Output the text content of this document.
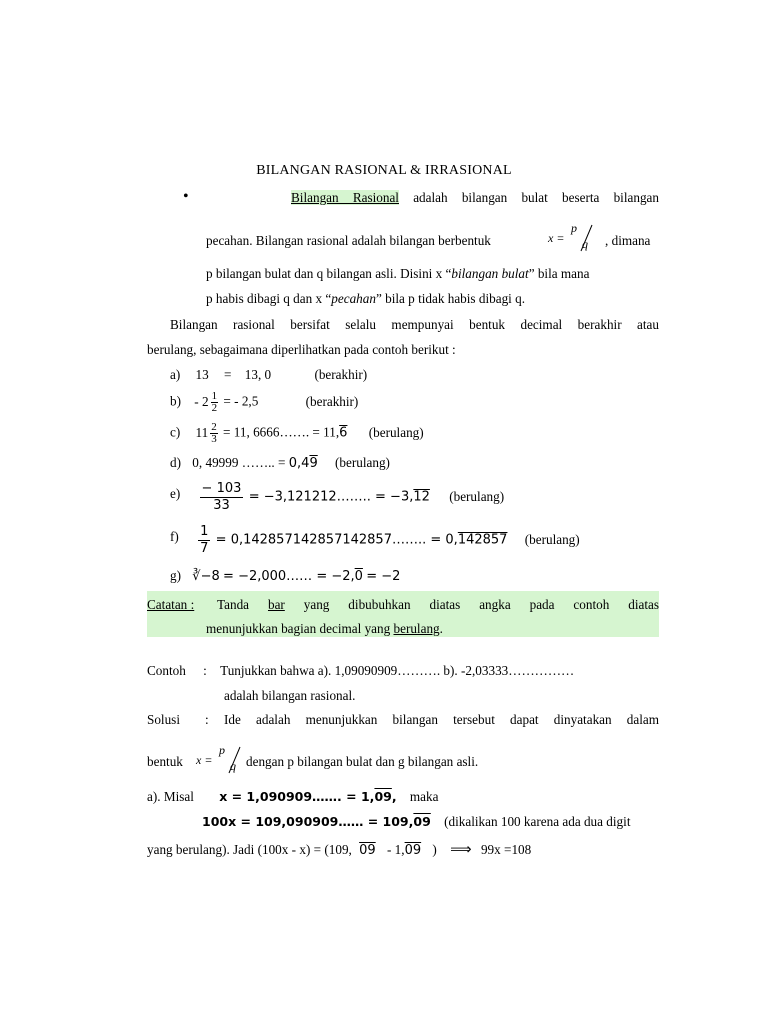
BILANGAN RASIONAL & IRRASIONAL
•	Bilangan Rasional adalah bilangan bulat beserta bilangan
pecahan. Bilangan rasional adalah bilangan berbentuk	x =
p
q , dimana
p bilangan bulat dan q bilangan asli. Disini x “bilangan bulat” bila mana
p habis dibagi q dan x “pecahan” bila p tidak habis dibagi q.
Bilangan rasional bersifat selalu mempunyai bentuk decimal berakhir atau
berulang, sebagaimana diperlihatkan pada contoh berikut :
a) 13 = 13, 0	(berakhir)
$b) - 2 \frac{1}{2}$ = - 2,5	(berakhir)
c) $11 \frac{2}{3} = 11$, 6666……. = 11,6 (berulang)
d) 0, 49999 …….. = 0,49 (berulang)
$e) \frac{- 103}{33}$ = −3,121212…….. = −3,12 (berulang)
$f) \frac{1}{7}$ = 0,142857142857142857…….. = 0,142857 (berulang)
g) ∛−8 = −2,000…… = −2,0 = −2
Catatan : Tanda bar yang dibubuhkan diatas angka pada contoh diatas
menunjukkan bagian decimal yang berulang.
Contoh : Tunjukkan bahwa a). 1,09090909………. b). -2,03333……………
adalah bilangan rasional.
Solusi : Ide adalah menunjukkan bilangan tersebut dapat dinyatakan dalam
bentuk x =
p
q dengan p bilangan bulat dan g bilangan asli.
a). Misal x = 1,090909……. = 1,09, maka
100x = 109,090909…… = 109,09 (dikalikan 100 karena ada dua digit
yang berulang). Jadi (100x - x) = (109, 09 - 1,09 ) ⟹ 99x =108
